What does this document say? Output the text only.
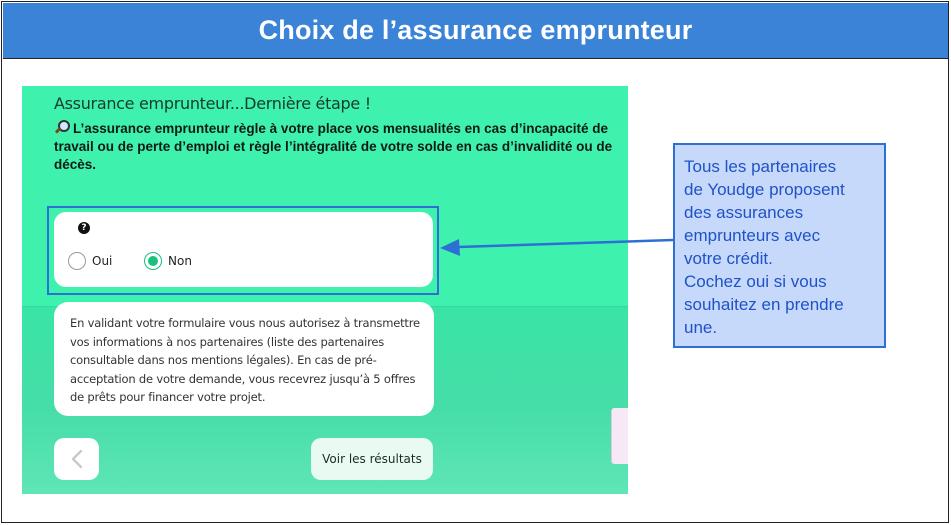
Choix de l’assurance emprunteur
Assurance emprunteur...Dernière étape !
L’assurance emprunteur règle à votre place vos mensualités en cas d’incapacité de travail ou de perte d’emploi et règle l’intégralité de votre solde en cas d’invalidité ou de décès.
?
Oui	Non
En validant votre formulaire vous nous autorisez à transmettre vos informations à nos partenaires (liste des partenaires consultable dans nos mentions légales). En cas de pré-acceptation de votre demande, vous recevrez jusqu’à 5 offres de prêts pour financer votre projet.
Voir les résultats
Tous les partenaires
de Youdge proposent
des assurances
emprunteurs avec
votre crédit.
Cochez oui si vous
souhaitez en prendre
une.
